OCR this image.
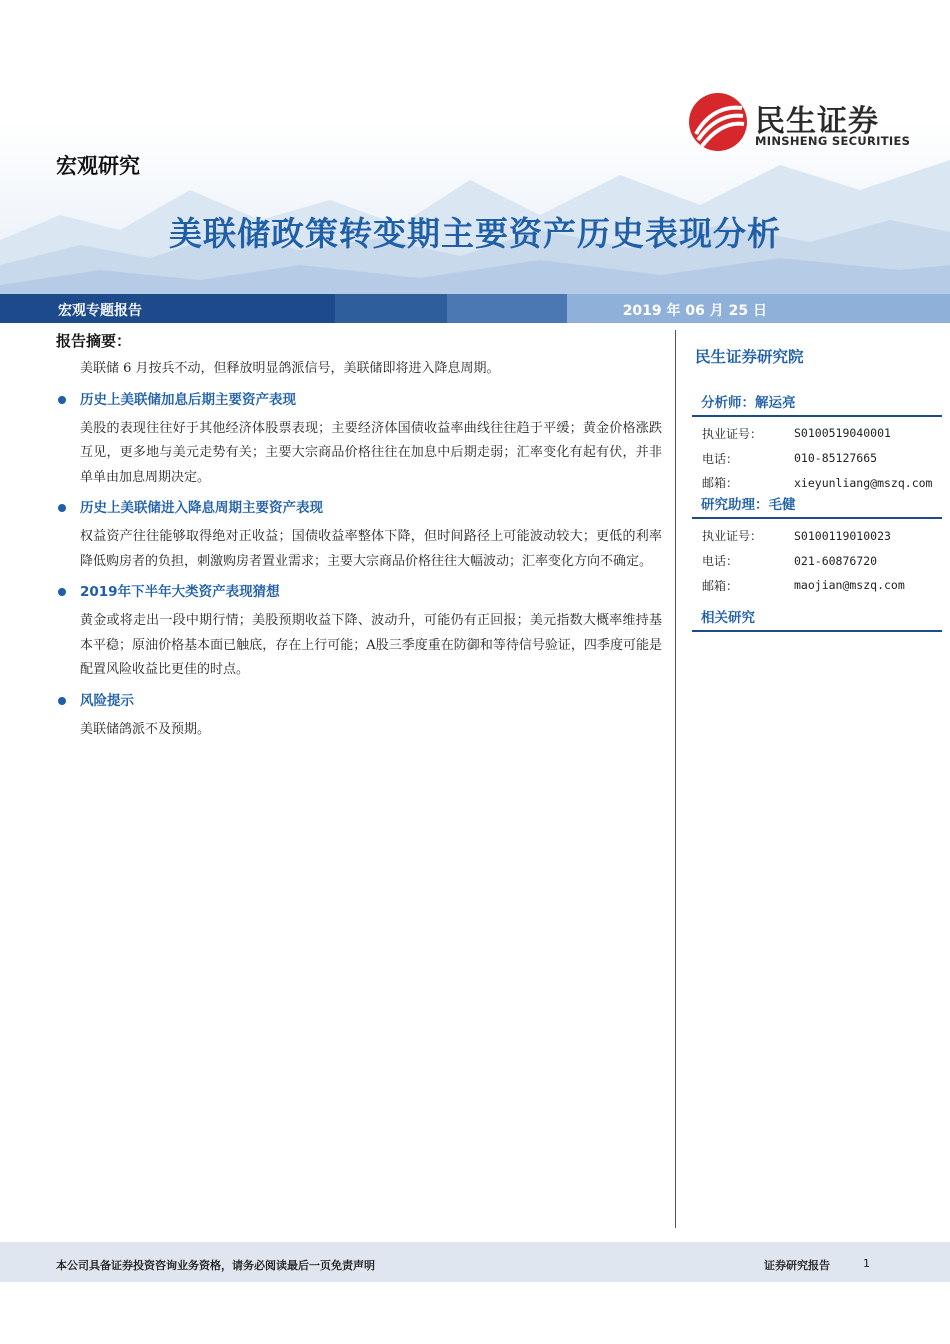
民生证券
MINSHENG SECURITIES
宏观研究
美联储政策转变期主要资产历史表现分析
宏观专题报告	2019 年 06 月 25 日
报告摘要：
美联储 6 月按兵不动，但释放明显鸽派信号，美联储即将进入降息周期。
历史上美联储加息后期主要资产表现
美股的表现往往好于其他经济体股票表现；主要经济体国债收益率曲线往往趋于平缓；黄金价格涨跌互见，更多地与美元走势有关；主要大宗商品价格往往在加息中后期走弱；汇率变化有起有伏，并非单单由加息周期决定。
历史上美联储进入降息周期主要资产表现
权益资产往往能够取得绝对正收益；国债收益率整体下降，但时间路径上可能波动较大；更低的利率降低购房者的负担，刺激购房者置业需求；主要大宗商品价格往往大幅波动；汇率变化方向不确定。
2019年下半年大类资产表现猜想
黄金或将走出一段中期行情；美股预期收益下降、波动升，可能仍有正回报；美元指数大概率维持基本平稳；原油价格基本面已触底，存在上行可能；A股三季度重在防御和等待信号验证，四季度可能是配置风险收益比更佳的时点。
风险提示
美联储鸽派不及预期。
民生证券研究院
分析师：解运亮
执业证号：	S0100519040001
电话：	010-85127665
邮箱：	xieyunliang@mszq.com
研究助理：毛健
执业证号：	S0100119010023
电话：	021-60876720
邮箱：	maojian@mszq.com
相关研究
本公司具备证券投资咨询业务资格，请务必阅读最后一页免责声明	证券研究报告	1
